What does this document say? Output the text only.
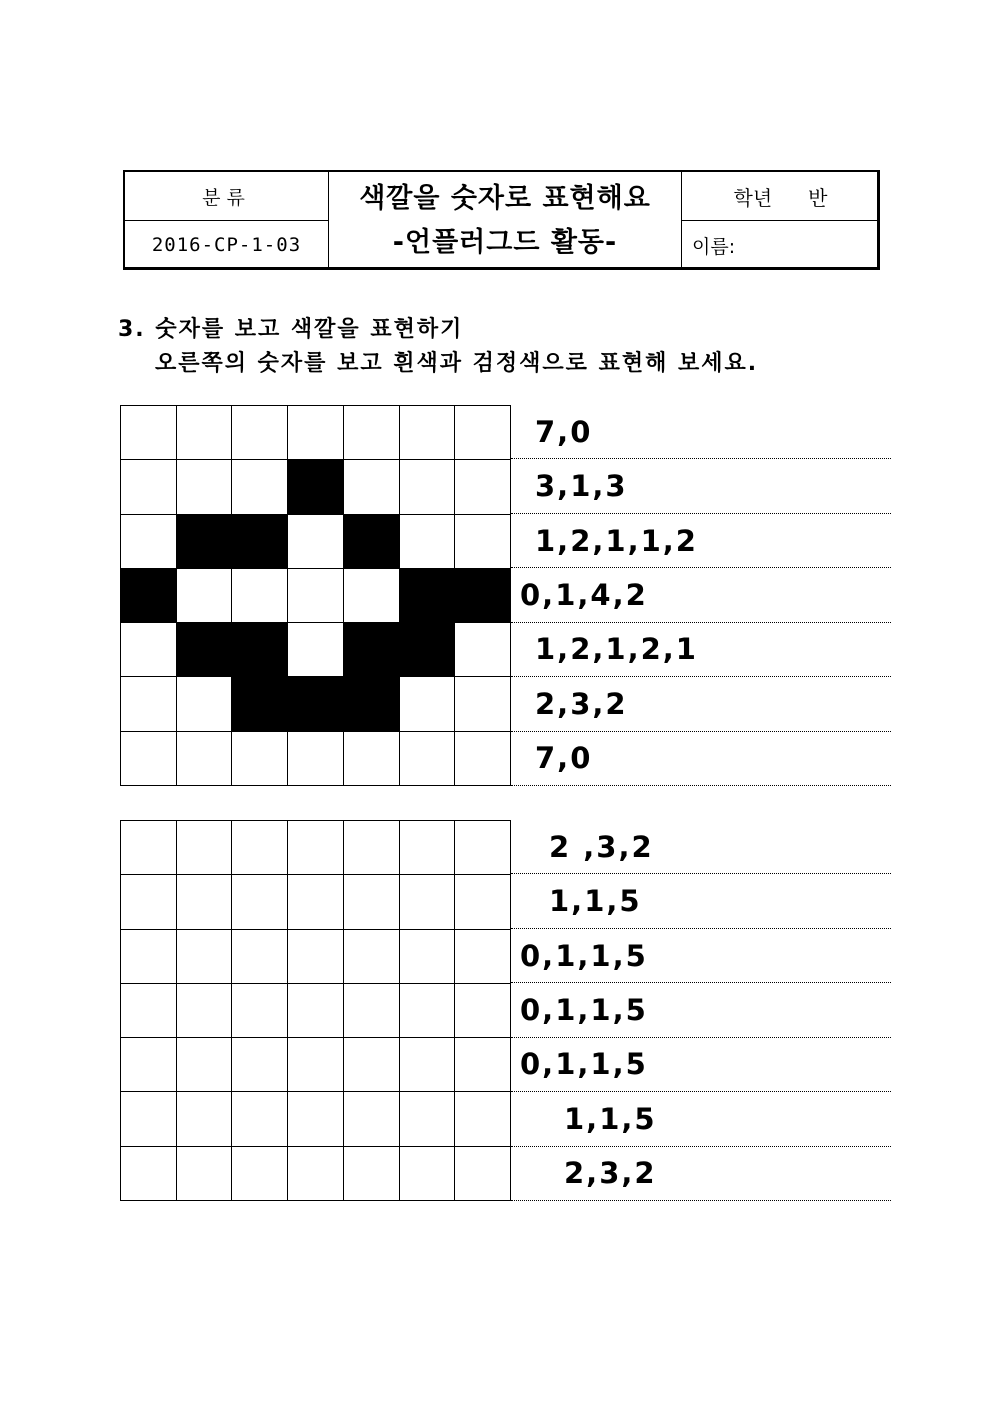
분류
2016-CP-1-03
색깔을 숫자로 표현해요
-언플러그드 활동-
학년 반
이름:
3. 숫자를 보고 색깔을 표현하기
오른쪽의 숫자를 보고 흰색과 검정색으로 표현해 보세요.
7,0
3,1,3
1,2,1,1,2
0,1,4,2
1,2,1,2,1
2,3,2
7,0
2 ,3,2
1,1,5
0,1,1,5
0,1,1,5
0,1,1,5
1,1,5
2,3,2
